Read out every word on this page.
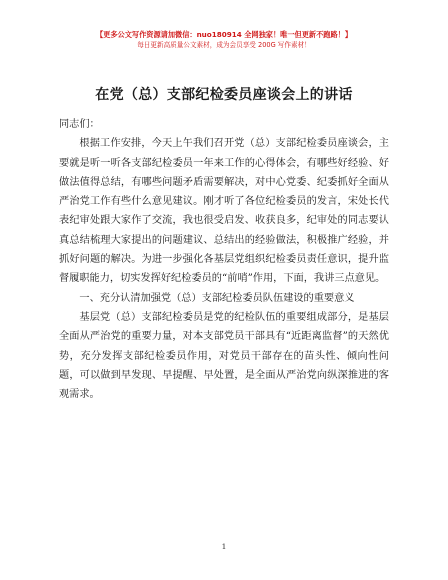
【更多公文写作资源请加微信：nuo180914 全网独家！唯一但更新不跑路！】
每日更新高质量公文素材，成为会员享受 200G 写作素材！
在党（总）支部纪检委员座谈会上的讲话

同志们：

根据工作安排，今天上午我们召开党（总）支部纪检委员座谈会，主要就是听一听各支部纪检委员一年来工作的心得体会，有哪些好经验、好做法值得总结，有哪些问题矛盾需要解决，对中心党委、纪委抓好全面从严治党工作有些什么意见建议。刚才听了各位纪检委员的发言，宋处长代表纪审处跟大家作了交流，我也很受启发、收获良多，纪审处的同志要认真总结梳理大家提出的问题建议、总结出的经验做法，积极推广经验，并抓好问题的解决。为进一步强化各基层党组织纪检委员责任意识，提升监督履职能力，切实发挥好纪检委员的“前哨”作用，下面，我讲三点意见。

一、充分认清加强党（总）支部纪检委员队伍建设的重要意义

基层党（总）支部纪检委员是党的纪检队伍的重要组成部分，是基层全面从严治党的重要力量，对本支部党员干部具有“近距离监督”的天然优势，充分发挥支部纪检委员作用，对党员干部存在的苗头性、倾向性问题，可以做到早发现、早提醒、早处置，是全面从严治党向纵深推进的客观需求。

1
